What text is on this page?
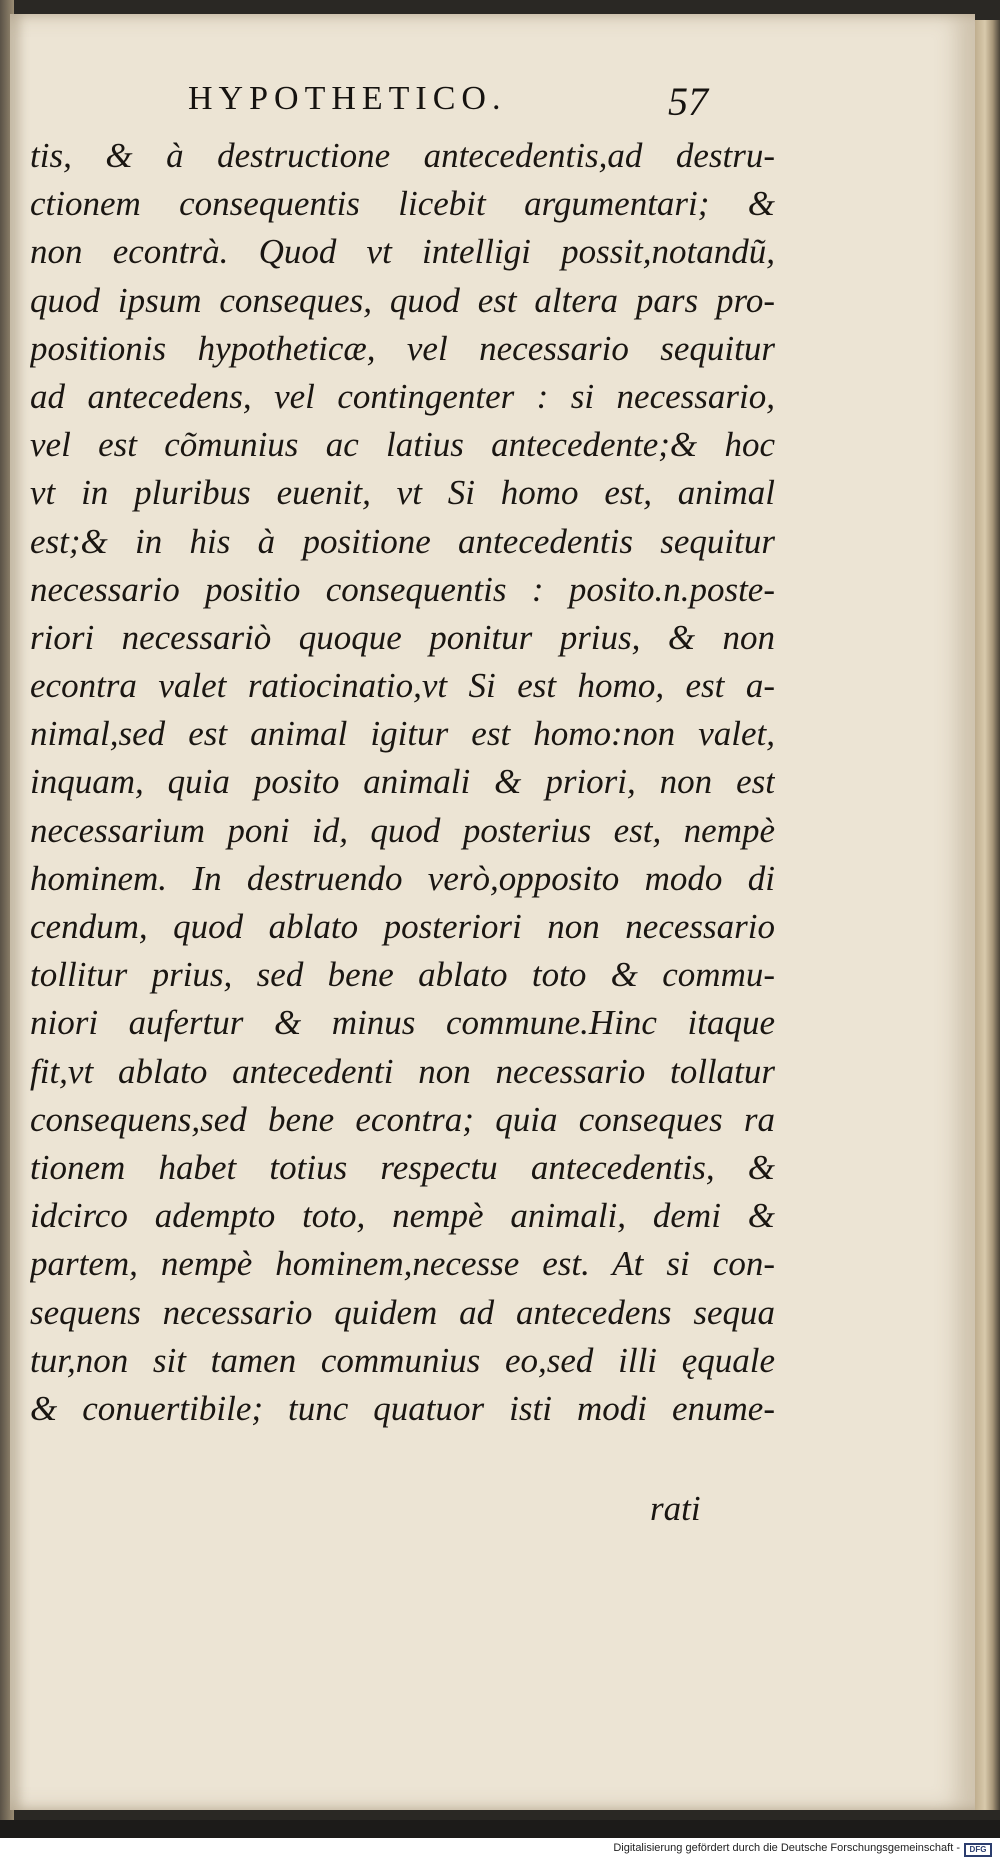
HYPOTHETICO.	57
tis, & à destructione antecedentis,ad destru-
ctionem consequentis licebit argumentari; &
non econtrà. Quod vt intelligi possit,notandũ,
quod ipsum conseques, quod est altera pars pro-
positionis hypotheticæ, vel necessario sequitur
ad antecedens, vel contingenter : si necessario,
vel est cõmunius ac latius antecedente;& hoc
vt in pluribus euenit, vt Si homo est, animal
est;& in his à positione antecedentis sequitur
necessario positio consequentis : posito.n.poste-
riori necessariò quoque ponitur prius, & non
econtra valet ratiocinatio,vt Si est homo, est a-
nimal,sed est animal igitur est homo:non valet,
inquam, quia posito animali & priori, non est
necessarium poni id, quod posterius est, nempè
hominem. In destruendo verò,opposito modo di
cendum, quod ablato posteriori non necessario
tollitur prius, sed bene ablato toto & commu-
niori aufertur & minus commune.Hinc itaque
fit,vt ablato antecedenti non necessario tollatur
consequens,sed bene econtra; quia conseques ra
tionem habet totius respectu antecedentis, &
idcirco adempto toto, nempè animali, demi &
partem, nempè hominem,necesse est. At si con-
sequens necessario quidem ad antecedens sequa
tur,non sit tamen communius eo,sed illi ęquale
& conuertibile; tunc quatuor isti modi enume-
rati
Digitalisierung gefördert durch die Deutsche Forschungsgemeinschaft -	DFG
